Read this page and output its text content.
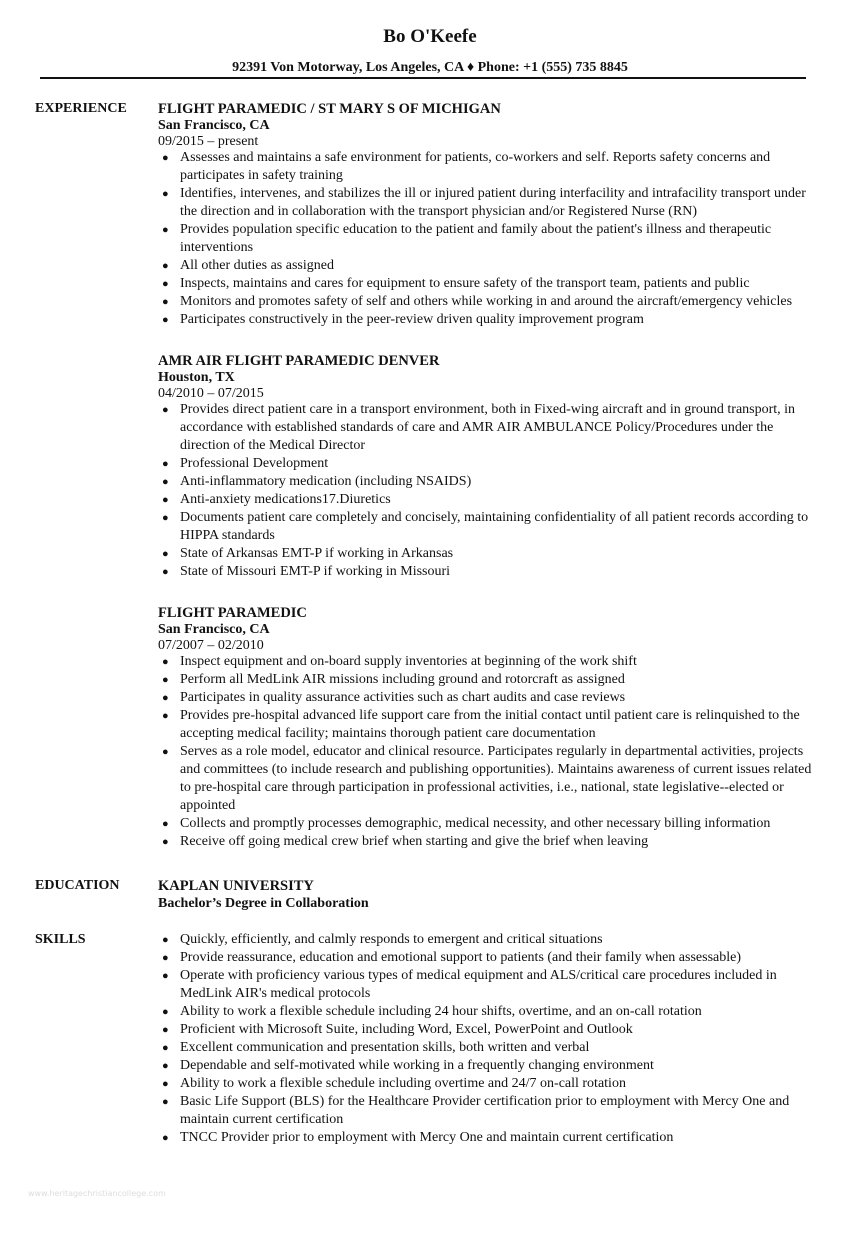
Bo O'Keefe
92391 Von Motorway, Los Angeles, CA ♦ Phone: +1 (555) 735 8845
EXPERIENCE FLIGHT PARAMEDIC / ST MARY S OF MICHIGAN
San Francisco, CA
09/2015 – present
● Assesses and maintains a safe environment for patients, co-workers and self. Reports safety concerns and participates in safety training
● Identifies, intervenes, and stabilizes the ill or injured patient during interfacility and intrafacility transport under the direction and in collaboration with the transport physician and/or Registered Nurse (RN)
● Provides population specific education to the patient and family about the patient's illness and therapeutic interventions
● All other duties as assigned
● Inspects, maintains and cares for equipment to ensure safety of the transport team, patients and public
● Monitors and promotes safety of self and others while working in and around the aircraft/emergency vehicles
● Participates constructively in the peer-review driven quality improvement program
AMR AIR FLIGHT PARAMEDIC DENVER
Houston, TX
04/2010 – 07/2015
● Provides direct patient care in a transport environment, both in Fixed-wing aircraft and in ground transport, in accordance with established standards of care and AMR AIR AMBULANCE Policy/Procedures under the direction of the Medical Director
● Professional Development
● Anti-inflammatory medication (including NSAIDS)
● Anti-anxiety medications17.Diuretics
● Documents patient care completely and concisely, maintaining confidentiality of all patient records according to HIPPA standards
● State of Arkansas EMT-P if working in Arkansas
● State of Missouri EMT-P if working in Missouri
FLIGHT PARAMEDIC
San Francisco, CA
07/2007 – 02/2010
● Inspect equipment and on-board supply inventories at beginning of the work shift
● Perform all MedLink AIR missions including ground and rotorcraft as assigned
● Participates in quality assurance activities such as chart audits and case reviews
● Provides pre-hospital advanced life support care from the initial contact until patient care is relinquished to the accepting medical facility; maintains thorough patient care documentation
● Serves as a role model, educator and clinical resource. Participates regularly in departmental activities, projects and committees (to include research and publishing opportunities). Maintains awareness of current issues related to pre-hospital care through participation in professional activities, i.e., national, state legislative--elected or appointed
● Collects and promptly processes demographic, medical necessity, and other necessary billing information
● Receive off going medical crew brief when starting and give the brief when leaving
EDUCATION	KAPLAN UNIVERSITY
Bachelor’s Degree in Collaboration
SKILLS	● Quickly, efficiently, and calmly responds to emergent and critical situations
● Provide reassurance, education and emotional support to patients (and their family when assessable)
● Operate with proficiency various types of medical equipment and ALS/critical care procedures included in MedLink AIR's medical protocols
● Ability to work a flexible schedule including 24 hour shifts, overtime, and an on-call rotation
● Proficient with Microsoft Suite, including Word, Excel, PowerPoint and Outlook
● Excellent communication and presentation skills, both written and verbal
● Dependable and self-motivated while working in a frequently changing environment
● Ability to work a flexible schedule including overtime and 24/7 on-call rotation
● Basic Life Support (BLS) for the Healthcare Provider certification prior to employment with Mercy One and maintain current certification
● TNCC Provider prior to employment with Mercy One and maintain current certification
www.heritagechristiancollege.com
